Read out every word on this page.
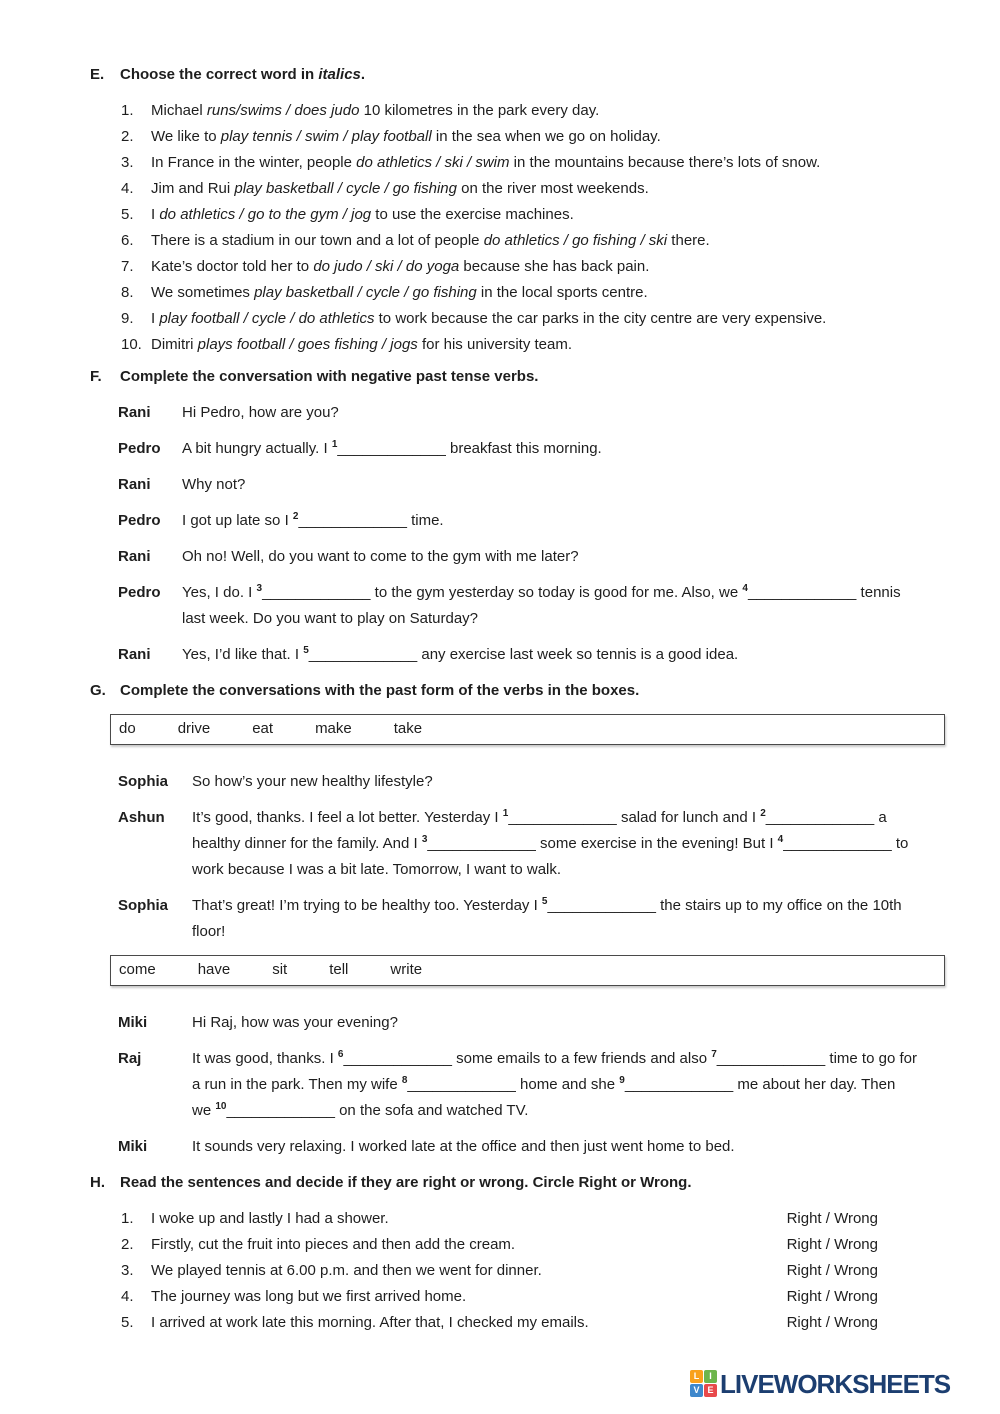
E.	Choose the correct word in italics.
1.	Michael runs/swims / does judo 10 kilometres in the park every day.
2.	We like to play tennis / swim / play football in the sea when we go on holiday.
3.	In France in the winter, people do athletics / ski / swim in the mountains because there’s lots of snow.
4.	Jim and Rui play basketball / cycle / go fishing on the river most weekends.
5.	I do athletics / go to the gym / jog to use the exercise machines.
6.	There is a stadium in our town and a lot of people do athletics / go fishing / ski there.
7.	Kate’s doctor told her to do judo / ski / do yoga because she has back pain.
8.	We sometimes play basketball / cycle / go fishing in the local sports centre.
9.	I play football / cycle / do athletics to work because the car parks in the city centre are very expensive.
10. Dimitri plays football / goes fishing / jogs for his university team.
F.	Complete the conversation with negative past tense verbs.
Rani	Hi Pedro, how are you?
Pedro	A bit hungry actually. I $^1$_____________ breakfast this morning.
Rani	Why not?
Pedro	I got up late so I $^2$_____________ time.
Rani	Oh no! Well, do you want to come to the gym with me later?
Pedro	Yes, I do. I $^3$_____________ to the gym yesterday so today is good for me. Also, we $^4$_____________ tennis last week. Do you want to play on Saturday?
Rani	Yes, I’d like that. I $^5$_____________ any exercise last week so tennis is a good idea.
G. Complete the conversations with the past form of the verbs in the boxes.
do	drive	eat	make	take
Sophia	So how’s your new healthy lifestyle?
Ashun	It’s good, thanks. I feel a lot better. Yesterday I $^1$_____________ salad for lunch and I $^2$_____________ a healthy dinner for the family. And I $^3$_____________ some exercise in the evening! But I $^4$_____________ to work because I was a bit late. Tomorrow, I want to walk.
Sophia	That’s great! I’m trying to be healthy too. Yesterday I $^5$_____________ the stairs up to my office on the 10th floor!
come	have	sit	tell	write
Miki	Hi Raj, how was your evening?
Raj	It was good, thanks. I $^6$_____________ some emails to a few friends and also $^7$_____________ time to go for a run in the park. Then my wife $^8$_____________ home and she $^9$_____________ me about her day. Then we $^{10}$_____________ on the sofa and watched TV.
Miki	It sounds very relaxing. I worked late at the office and then just went home to bed.
H.	Read the sentences and decide if they are right or wrong. Circle Right or Wrong.
1.	I woke up and lastly I had a shower.	Right / Wrong
2.	Firstly, cut the fruit into pieces and then add the cream.	Right / Wrong
3.	We played tennis at 6.00 p.m. and then we went for dinner.	Right / Wrong
4.	The journey was long but we first arrived home.	Right / Wrong
5.	I arrived at work late this morning. After that, I checked my emails.	Right / Wrong
L	I
V E LIVEWORKSHEETS
